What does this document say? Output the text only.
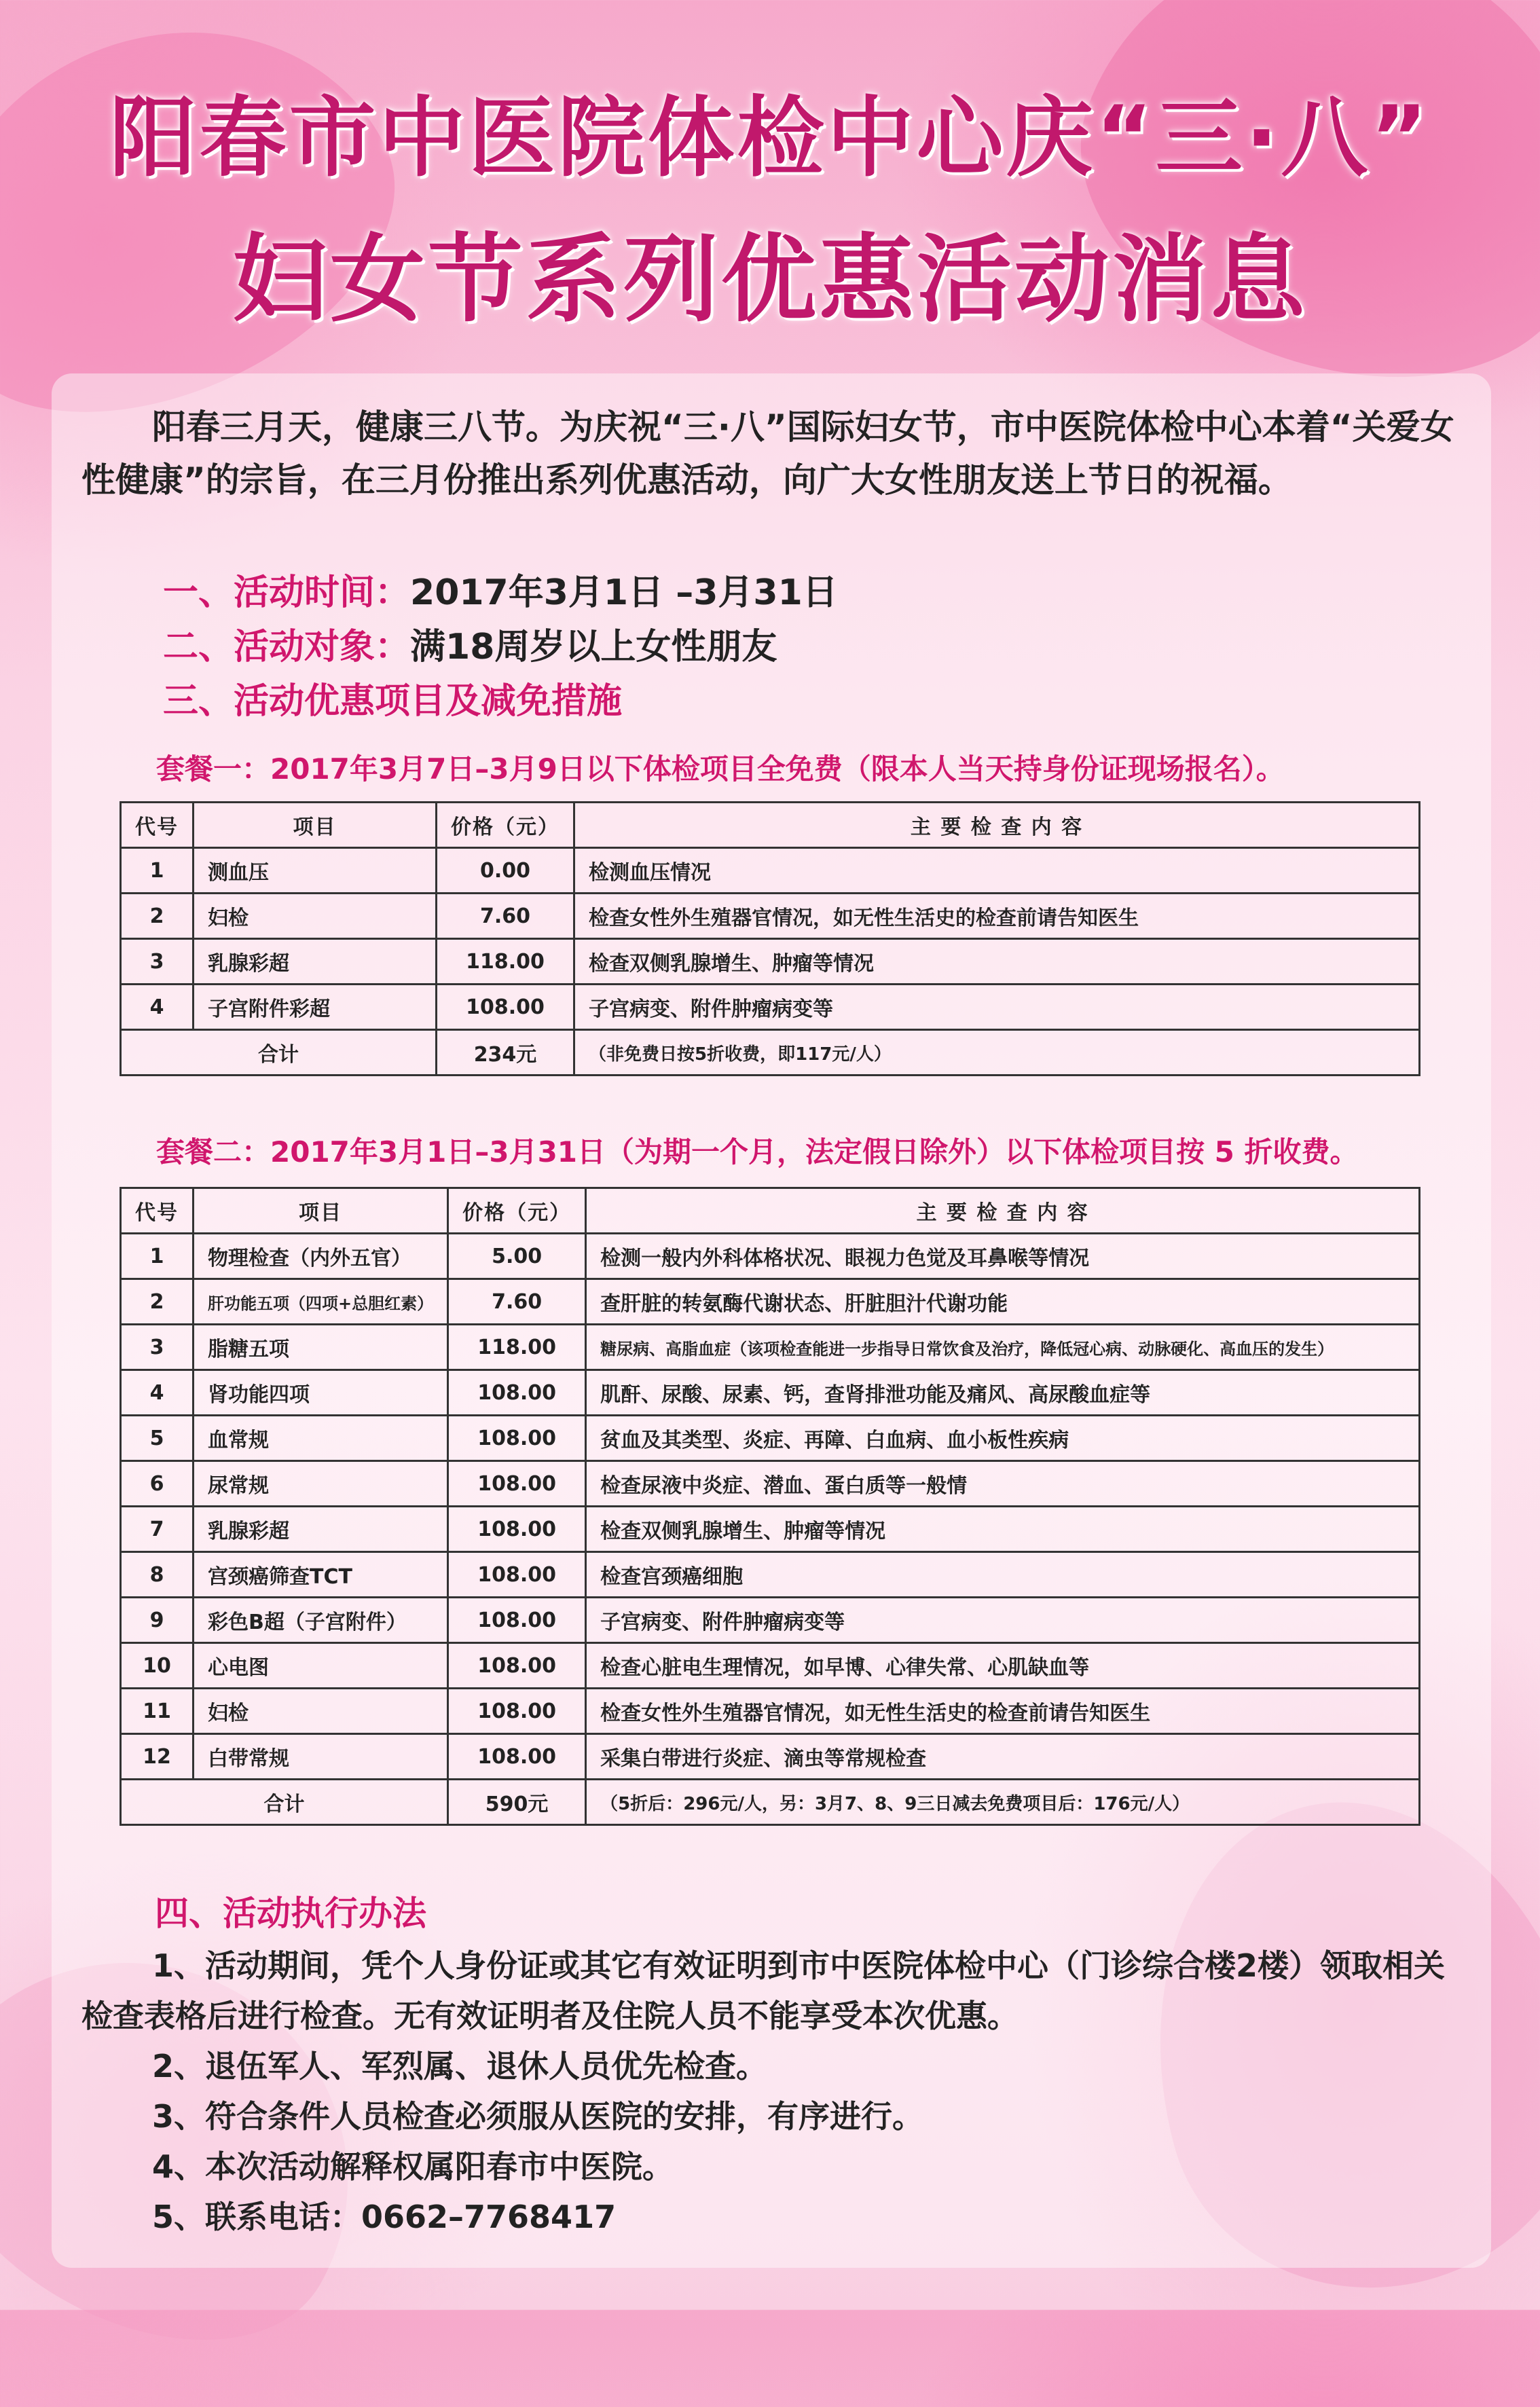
阳春市中医院体检中心庆“三·八”
妇女节系列优惠活动消息
阳春三月天，健康三八节。为庆祝“三·八”国际妇女节，市中医院体检中心本着“关爱女性健康”的宗旨，在三月份推出系列优惠活动，向广大女性朋友送上节日的祝福。
一、活动时间：2017年3月1日 –3月31日
二、活动对象：满18周岁以上女性朋友
三、活动优惠项目及减免措施
套餐一：2017年3月7日–3月9日以下体检项目全免费（限本人当天持身份证现场报名）。
代号	项目	价格（元）	主 要 检 查 内 容
1	测血压	0.00	检测血压情况
2	妇检	7.60	检查女性外生殖器官情况，如无性生活史的检查前请告知医生
3	乳腺彩超	118.00	检查双侧乳腺增生、肿瘤等情况
4	子宫附件彩超	108.00	子宫病变、附件肿瘤病变等
合计		234元	（非免费日按5折收费，即117元/人）
套餐二：2017年3月1日–3月31日（为期一个月，法定假日除外）以下体检项目按 5 折收费。
代号	项目	价格（元）	主 要 检 查 内 容
1	物理检查（内外五官）	5.00	检测一般内外科体格状况、眼视力色觉及耳鼻喉等情况
2	肝功能五项（四项+总胆红素）	7.60	查肝脏的转氨酶代谢状态、肝脏胆汁代谢功能
3	脂糖五项	118.00	糖尿病、高脂血症（该项检查能进一步指导日常饮食及治疗，降低冠心病、动脉硬化、高血压的发生）
4	肾功能四项	108.00	肌酐、尿酸、尿素、钙，查肾排泄功能及痛风、高尿酸血症等
5	血常规	108.00	贫血及其类型、炎症、再障、白血病、血小板性疾病
6	尿常规	108.00	检查尿液中炎症、潜血、蛋白质等一般情
7	乳腺彩超	108.00	检查双侧乳腺增生、肿瘤等情况
8	宫颈癌筛查TCT	108.00	检查宫颈癌细胞
9	彩色B超（子宫附件）	108.00	子宫病变、附件肿瘤病变等
10	心电图	108.00	检查心脏电生理情况，如早博、心律失常、心肌缺血等
11	妇检	108.00	检查女性外生殖器官情况，如无性生活史的检查前请告知医生
12	白带常规	108.00	采集白带进行炎症、滴虫等常规检查
合计		590元	（5折后：296元/人，另：3月7、8、9三日减去免费项目后：176元/人）
四、活动执行办法
1、活动期间，凭个人身份证或其它有效证明到市中医院体检中心（门诊综合楼2楼）领取相关检查表格后进行检查。无有效证明者及住院人员不能享受本次优惠。
2、退伍军人、军烈属、退休人员优先检查。
3、符合条件人员检查必须服从医院的安排，有序进行。
4、本次活动解释权属阳春市中医院。
5、联系电话：0662–7768417
